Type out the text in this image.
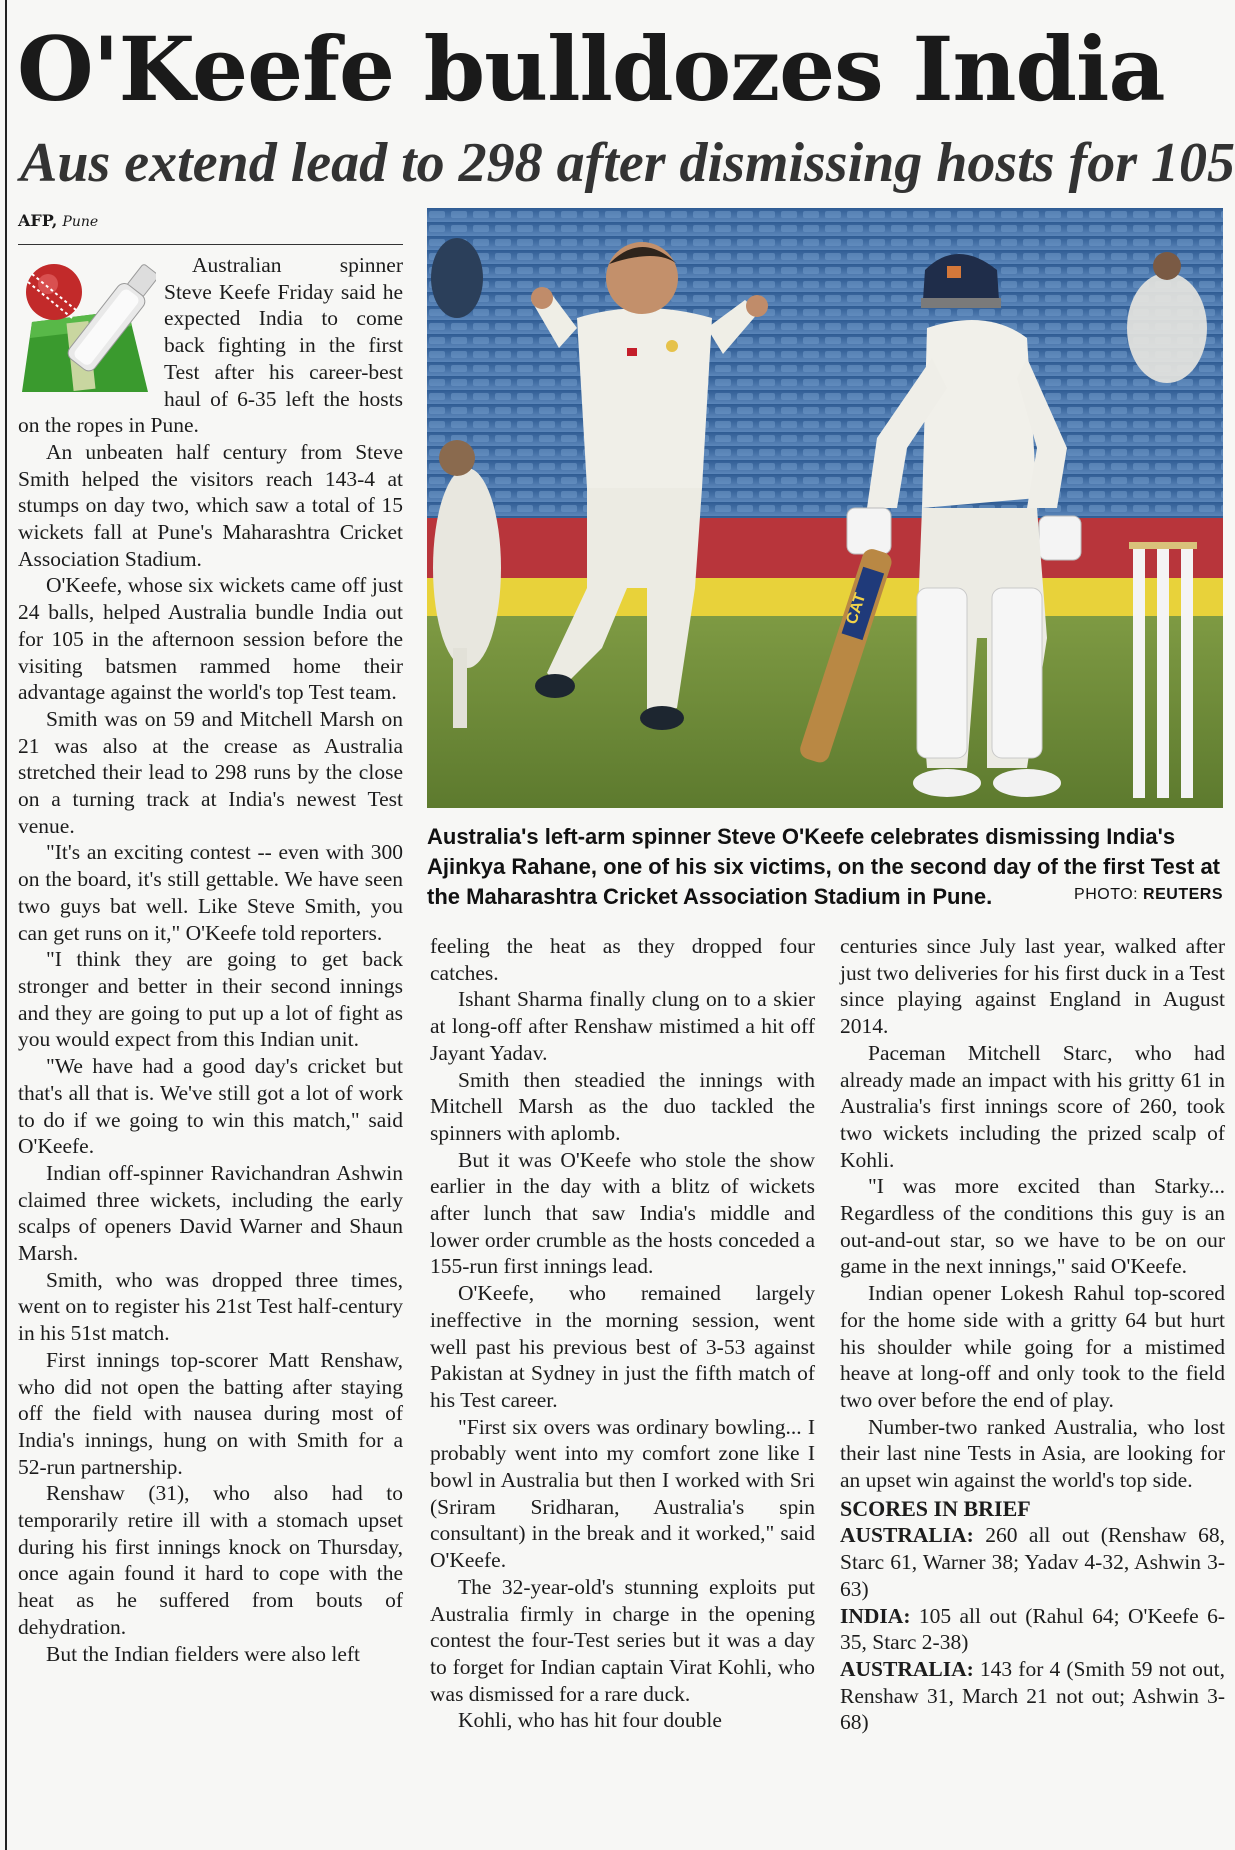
O'Keefe bulldozes India
Aus extend lead to 298 after dismissing hosts for 105
AFP, Pune

Australian spinner Steve Keefe Friday said he expected India to come back fighting in the first Test after his career-best haul of 6-35 left the hosts on the ropes in Pune.

An unbeaten half century from Steve Smith helped the visitors reach 143-4 at stumps on day two, which saw a total of 15 wickets fall at Pune's Maharashtra Cricket Association Stadium.

O'Keefe, whose six wickets came off just 24 balls, helped Australia bundle India out for 105 in the afternoon session before the visiting batsmen rammed home their advantage against the world's top Test team.

Smith was on 59 and Mitchell Marsh on 21 was also at the crease as Australia stretched their lead to 298 runs by the close on a turning track at India's newest Test venue.

"It's an exciting contest -- even with 300 on the board, it's still gettable. We have seen two guys bat well. Like Steve Smith, you can get runs on it," O'Keefe told reporters.

"I think they are going to get back stronger and better in their second innings and they are going to put up a lot of fight as you would expect from this Indian unit.

"We have had a good day's cricket but that's all that is. We've still got a lot of work to do if we going to win this match," said O'Keefe.

Indian off-spinner Ravichandran Ashwin claimed three wickets, including the early scalps of openers David Warner and Shaun Marsh.

Smith, who was dropped three times, went on to register his 21st Test half-century in his 51st match.

First innings top-scorer Matt Renshaw, who did not open the batting after staying off the field with nausea during most of India's innings, hung on with Smith for a 52-run partnership.

Renshaw (31), who also had to temporarily retire ill with a stomach upset during his first innings knock on Thursday, once again found it hard to cope with the heat as he suffered from bouts of dehydration.

But the Indian fielders were also left

CAT
Australia's left-arm spinner Steve O'Keefe celebrates dismissing India's Ajinkya Rahane, one of his six victims, on the second day of the first Test at the Maharashtra Cricket Association Stadium in Pune.	PHOTO: REUTERS

feeling the heat as they dropped four catches.

Ishant Sharma finally clung on to a skier at long-off after Renshaw mistimed a hit off Jayant Yadav.

Smith then steadied the innings with Mitchell Marsh as the duo tackled the spinners with aplomb.

But it was O'Keefe who stole the show earlier in the day with a blitz of wickets after lunch that saw India's middle and lower order crumble as the hosts conceded a 155-run first innings lead.

O'Keefe, who remained largely ineffective in the morning session, went well past his previous best of 3-53 against Pakistan at Sydney in just the fifth match of his Test career.

"First six overs was ordinary bowling... I probably went into my comfort zone like I bowl in Australia but then I worked with Sri (Sriram Sridharan, Australia's spin consultant) in the break and it worked," said O'Keefe.

The 32-year-old's stunning exploits put Australia firmly in charge in the opening contest the four-Test series but it was a day to forget for Indian captain Virat Kohli, who was dismissed for a rare duck.

Kohli, who has hit four double

centuries since July last year, walked after just two deliveries for his first duck in a Test since playing against England in August 2014.

Paceman Mitchell Starc, who had already made an impact with his gritty 61 in Australia's first innings score of 260, took two wickets including the prized scalp of Kohli.

"I was more excited than Starky... Regardless of the conditions this guy is an out-and-out star, so we have to be on our game in the next innings," said O'Keefe.

Indian opener Lokesh Rahul top-scored for the home side with a gritty 64 but hurt his shoulder while going for a mistimed heave at long-off and only took to the field two over before the end of play.

Number-two ranked Australia, who lost their last nine Tests in Asia, are looking for an upset win against the world's top side.

SCORES IN BRIEF

AUSTRALIA: 260 all out (Renshaw 68, Starc 61, Warner 38; Yadav 4-32, Ashwin 3-63)

INDIA: 105 all out (Rahul 64; O'Keefe 6-35, Starc 2-38)

AUSTRALIA: 143 for 4 (Smith 59 not out, Renshaw 31, March 21 not out; Ashwin 3-68)
